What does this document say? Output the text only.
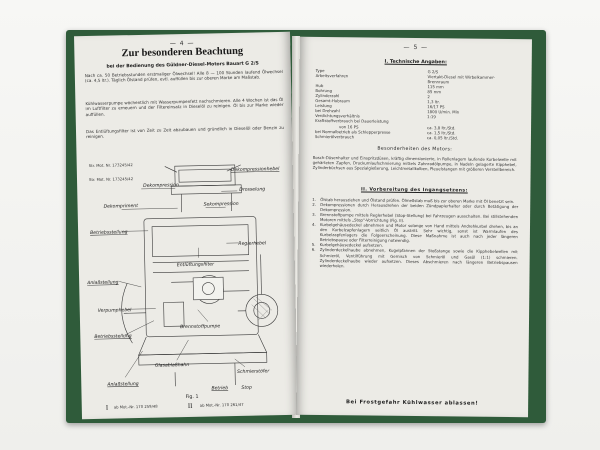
— 4 —
Zur besonderen Beachtung
bei der Bedienung des Güldner-Diesel-Motors Bauart G 2/S
Nach ca. 50 Betriebsstunden erstmaliger Ölwechsel! Alle 8 — 100 Stunden laufend Ölwechsel (ca. 4,5 ltr.). Täglich Ölstand prüfen, evtl. auffüllen bis zur oberen Marke am Maßstab.
Kühlwasserpumpe wöchentlich mit Wasserpumpenfett nachschmieren. Alle 4 Wochen ist das Öl im Luftfilter zu erneuern und der Filtereinsatz in Dieselöl zu reinigen. Öl bis zur Marke wieder auffüllen.
Das Entlüftungsfilter ist von Zeit zu Zeit abzubauen und gründlich in Dieselöl oder Benzin zu reinigen.
Str. Mot. Nr. 173245/42
Str. Mot. Nr. 173245/42
Dekompression
Dekompressionhebel
Drosselung
Dekompriment	Sekompression
Betriebsstellung
Reglerhebel
Entlüftungsfilter
Anlaßstellung
Verpumphebel
Betriebsstellung
Brennstoffpumpe
Glasablaßhahn
Schmierstöfer
Betrieb	Stop
Anlaßstellung
Fig. 1
I ab Mot.-Nr. 170 259/48	II ab Mot.-Nr. 170 261/47
— 5 —
I. Technische Angaben:
Type	G 2/S
Arbeitsverfahren	Viertakt-Diesel mit Wirbelkammer-
Brennraum
Hub	115 mm
Bohrung	85 mm
Zylinderzahl	2
Gesamt-Hubraum	1,3 ltr.
Leistung	16/17 PS
bei Drehzahl	1800 U/min. Min
Verdichtungsverhältnis	1:19
Kraftstoffverbrauch bei Dauerleistung
von 16 PS	ca. 3,8 ltr./Std.
bei Normalbetrieb als Schlepperpresse	ca. 1,5 ltr./Std.
Schmierölverbrauch	ca. 0,05 ltr./Std.
Besonderheiten des Motors:
Bosch-Düsenhalter und Einspritzdüsen, kräftig dimensionierte, in Rollenlagern laufende Kurbelwelle mit gehärteten Zapfen, Druckumlaufschmierung mittels Zahnradölpumpe, in Nadeln gelagerte Kipphebel, Zylinderbüchsen aus Spezialgießerung, Leichtmetallkolben, Pleuelstangen mit größeren Verstellbereich.
II. Vorbereitung des Ingangsetzens:
1.	Ölstab herausziehen und Ölstand prüfen. Ölmeßstab muß bis zur oberen Marke mit Öl benetzt sein.
2.	Dekompressionen durch Herausdrehen der beiden Zündpapierhalter oder durch Betätigung der Dekompression.
3.	Brennstoffpumpe mittels Reglerhebel (Stop-Stellung) bei Fahrzeugen ausschalten. Bei stillstehenden Motoren mittels „Stop“-Vorrichtung (Fig. II).
4.	Kurbelgehäusedeckel abnehmen und Motor solange von Hand mittels Andrehkurbel drehen, bis an den Kurbelzapfenlagern seitlich Öl austritt. Sehr wichtig, sonst ist Warmlaufen des Kurbelzapfenlagers die Folgeerscheinung. Diese Maßnahme ist auch nach jeder längeren Betriebspause oder Filterreinigung notwendig.
5.	Kurbelgehäusedeckel aufsetzen.
6.	Zylinderdeckelhaube abnehmen, Kugelpfannen der Stoßstange sowie die Kipphebelwellen mit Schmieröl, Ventilführung mit Gemisch von Schmieröl und Gasöl (1:1) schmieren. Zylinderdeckelhaube wieder aufsetzen. Dieses Abschmieren nach längeren Betriebspausen wiederholen.
Bei Frostgefahr Kühlwasser ablassen!
